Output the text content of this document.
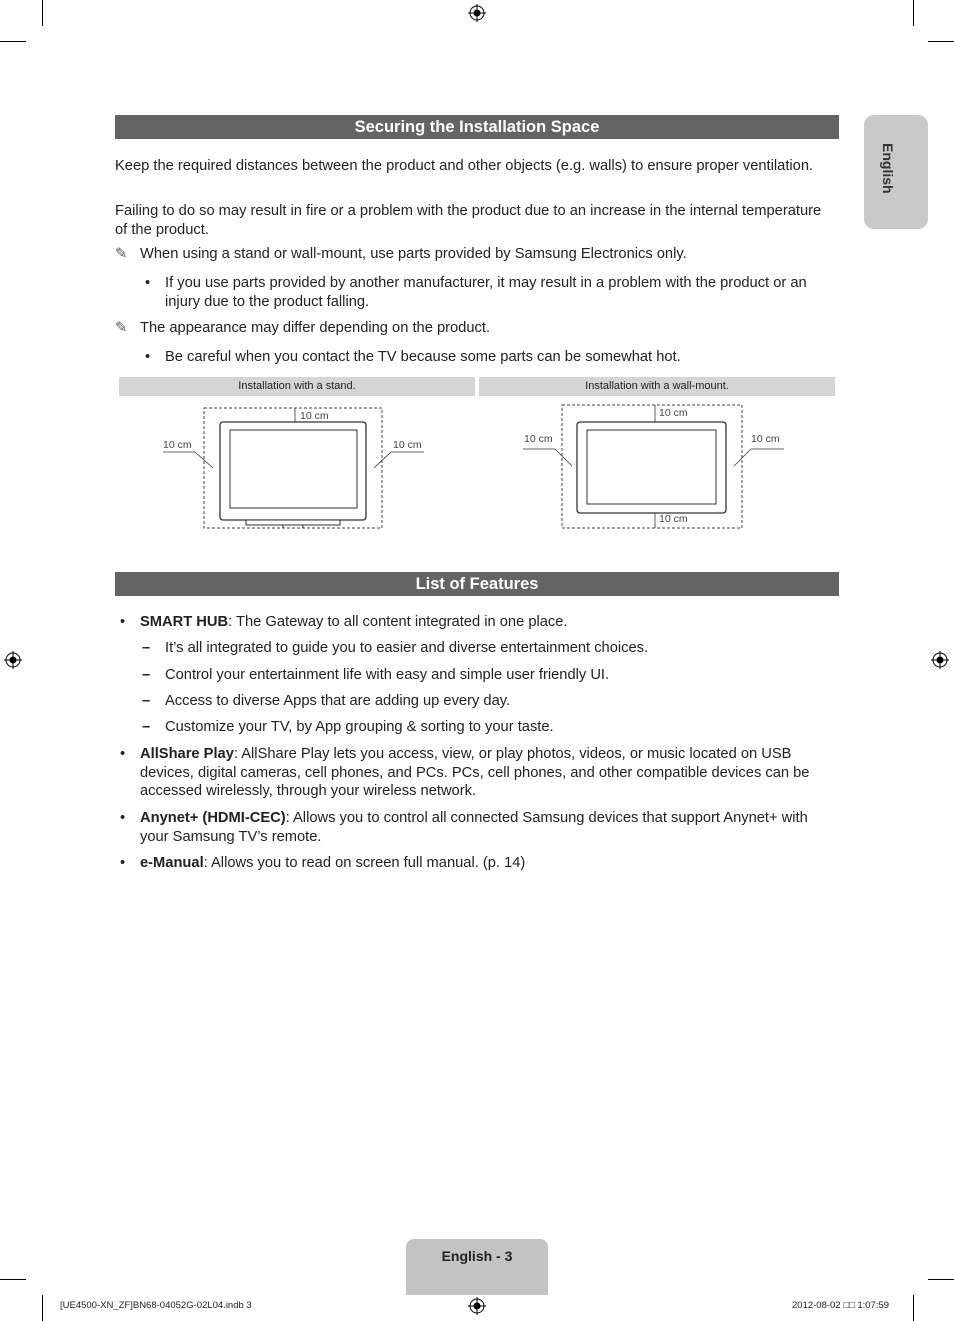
English
Securing the Installation Space

Keep the required distances between the product and other objects (e.g. walls) to ensure proper ventilation.

Failing to do so may result in fire or a problem with the product due to an increase in the internal temperature of the product.

✎ When using a stand or wall-mount, use parts provided by Samsung Electronics only.
• If you use parts provided by another manufacturer, it may result in a problem with the product or an injury due to the product falling.
✎ The appearance may differ depending on the product.
• Be careful when you contact the TV because some parts can be somewhat hot.
Installation with a stand.	Installation with a wall-mount.
10 cm
10 cm	10 cm
10 cm
10 cm	10 cm
10 cm
List of Features
• SMART HUB: The Gateway to all content integrated in one place.
– It’s all integrated to guide you to easier and diverse entertainment choices.
– Control your entertainment life with easy and simple user friendly UI.
– Access to diverse Apps that are adding up every day.
– Customize your TV, by App grouping & sorting to your taste.
• AllShare Play: AllShare Play lets you access, view, or play photos, videos, or music located on USB devices, digital cameras, cell phones, and PCs. PCs, cell phones, and other compatible devices can be accessed wirelessly, through your wireless network.
• Anynet+ (HDMI-CEC): Allows you to control all connected Samsung devices that support Anynet+ with your Samsung TV’s remote.
• e-Manual: Allows you to read on screen full manual. (p. 14)
English - 3
[UE4500-XN_ZF]BN68-04052G-02L04.indb 3	2012-08-02 □□ 1:07:59
